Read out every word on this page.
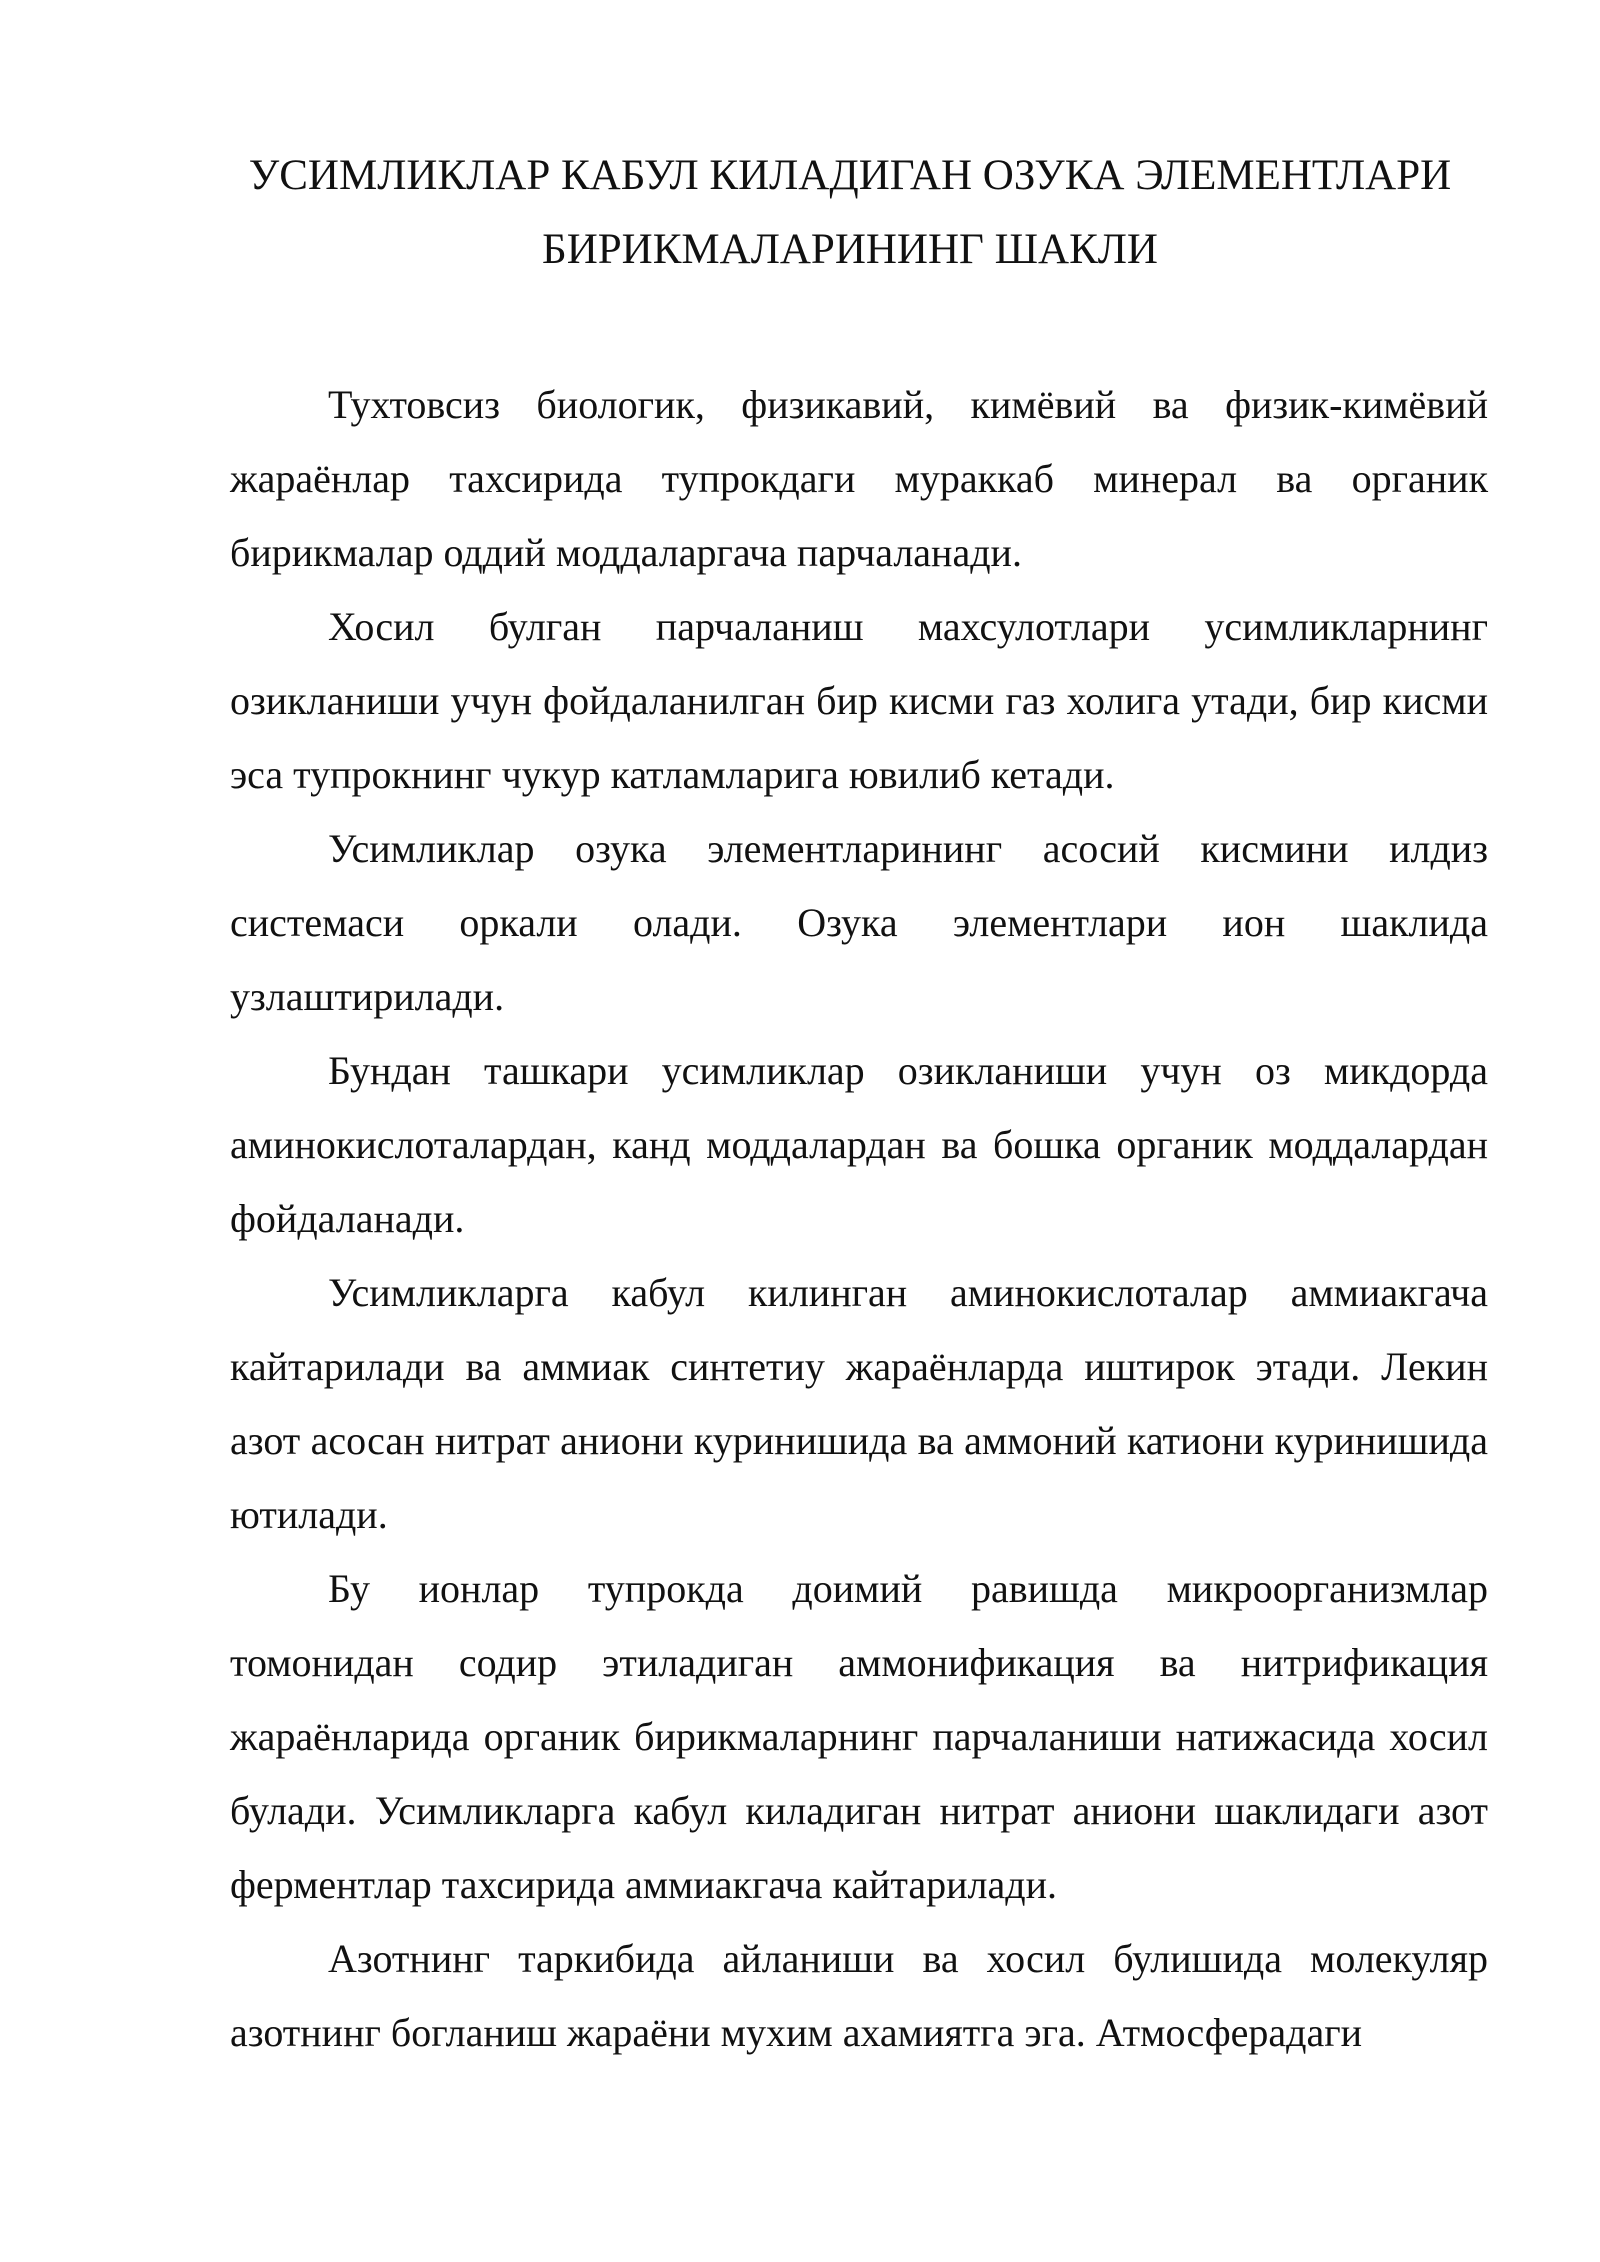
УСИМЛИКЛАР КАБУЛ КИЛАДИГАН ОЗУКА ЭЛЕМЕНТЛАРИ
БИРИКМАЛАРИНИНГ ШАКЛИ

Тухтовсиз биологик, физикавий, кимёвий ва физик-кимёвий жараёнлар тахсирида тупрокдаги мураккаб минерал ва органик бирикмалар оддий моддаларгача парчаланади.

Хосил булган парчаланиш махсулотлари усимликларнинг озикланиши учун фойдаланилган бир кисми газ холига утади, бир кисми эса тупрокнинг чукур катламларига ювилиб кетади.

Усимликлар озука элементларининг асосий кисмини илдиз системаси оркали олади. Озука элементлари ион шаклида узлаштирилади.

Бундан ташкари усимликлар озикланиши учун оз микдорда аминокислоталардан, канд моддалардан ва бошка органик моддалардан фойдаланади.

Усимликларга кабул килинган аминокислоталар аммиакгача кайтарилади ва аммиак синтетиу жараёнларда иштирок этади. Лекин азот асосан нитрат аниони куринишида ва аммоний катиони куринишида ютилади.

Бу ионлар тупрокда доимий равишда микроорганизмлар томонидан содир этиладиган аммонификация ва нитрификация жараёнларида органик бирикмаларнинг парчаланиши натижасида хосил булади. Усимликларга кабул киладиган нитрат аниони шаклидаги азот ферментлар тахсирида аммиакгача кайтарилади.

Азотнинг таркибида айланиши ва хосил булишида молекуляр азотнинг богланиш жараёни мухим ахамиятга эга. Атмосферадаги
